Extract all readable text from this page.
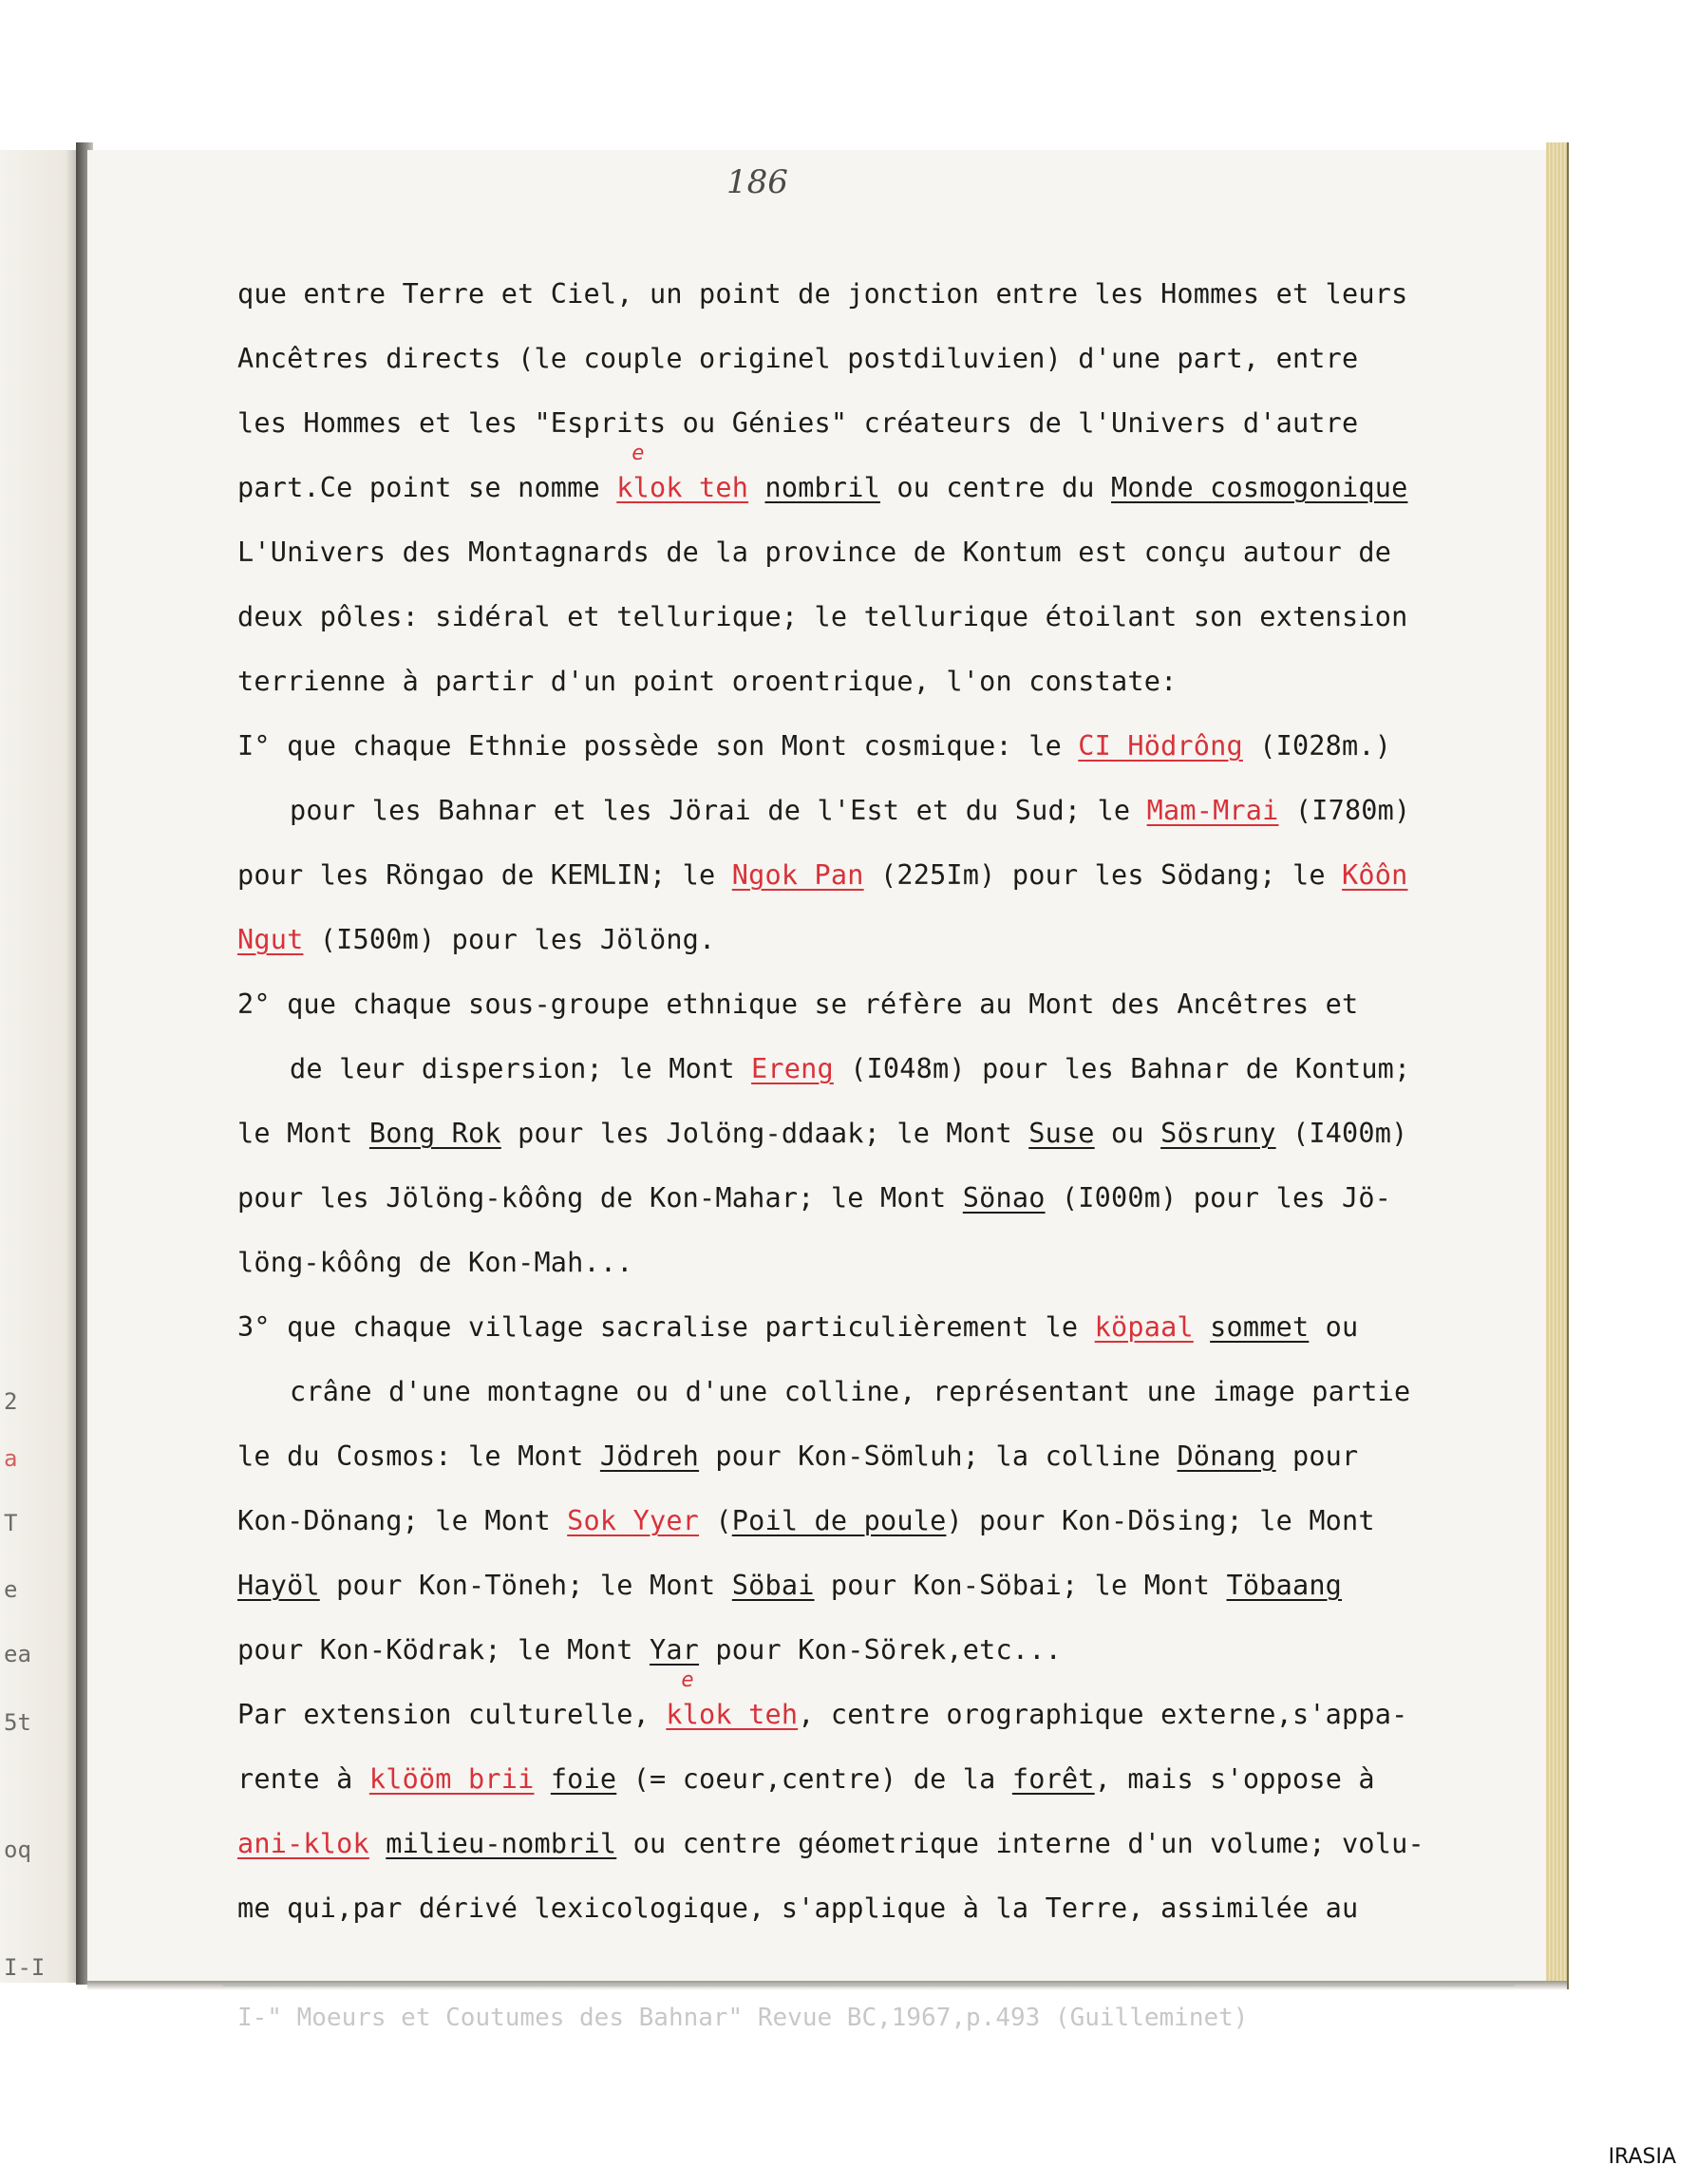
2
a
T
e
ea
5t
oq
I-I
186
que entre Terre et Ciel, un point de jonction entre les Hommes et leurs
Ancêtres directs (le couple originel postdiluvien) d'une part, entre
les Hommes et les "Esprits ou Génies" créateurs de l'Univers d'autre
part.Ce point se nomme klok teh
e
nombril ou centre du Monde cosmogonique
L'Univers des Montagnards de la province de Kontum est conçu autour de
deux pôles: sidéral et tellurique; le tellurique étoilant son extension
terrienne à partir d'un point oroentrique, l'on constate:
I° que chaque Ethnie possède son Mont cosmique: le CI Hödrông (I028m.)
pour les Bahnar et les Jörai de l'Est et du Sud; le Mam-Mrai (I780m)
pour les Röngao de KEMLIN; le Ngok Pan (225Im) pour les Södang; le Kôôn
Ngut (I500m) pour les Jölöng.
2° que chaque sous-groupe ethnique se réfère au Mont des Ancêtres et
de leur dispersion; le Mont Ereng (I048m) pour les Bahnar de Kontum;
le Mont Bong Rok pour les Jolöng-ddaak; le Mont Suse ou Sösruny (I400m)
pour les Jölöng-kôông de Kon-Mahar; le Mont Sönao (I000m) pour les Jö-
löng-kôông de Kon-Mah...
3° que chaque village sacralise particulièrement le köpaal sommet ou
crâne d'une montagne ou d'une colline, représentant une image partie
le du Cosmos: le Mont Jödreh pour Kon-Sömluh; la colline Dönang pour
Kon-Dönang; le Mont Sok Yyer (Poil de poule) pour Kon-Dösing; le Mont
Hayöl pour Kon-Töneh; le Mont Söbai pour Kon-Söbai; le Mont Töbaang
pour Kon-Ködrak; le Mont Yar pour Kon-Sörek,etc...
Par extension culturelle, klok teh
e
, centre orographique externe,s'appa-
rente à klööm brii foie (= coeur,centre) de la forêt, mais s'oppose à
ani-klok milieu-nombril ou centre géometrique interne d'un volume; volu-
me qui,par dérivé lexicologique, s'applique à la Terre, assimilée au
I-" Moeurs et Coutumes des Bahnar" Revue BC,1967,p.493 (Guilleminet)
IRASIA
